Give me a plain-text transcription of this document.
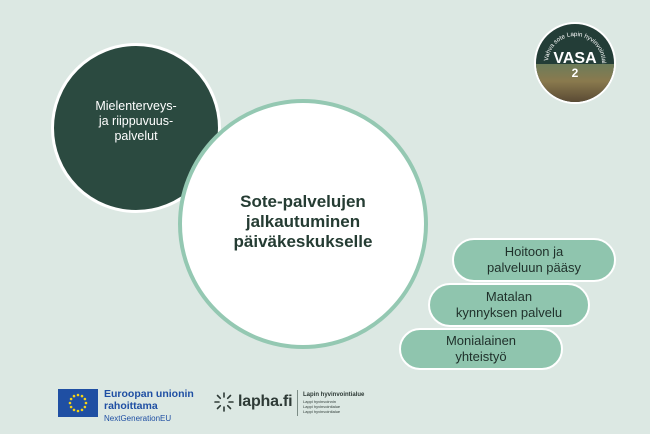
Mielenterveys-
ja riippuvuus-
palvelut
Sote-palvelujen
jalkautuminen
päiväkeskukselle
Hoitoon ja
palveluun pääsy
Matalan
kynnyksen palvelu
Monialainen
yhteistyö
Vahva sote Lapin hyvinvointial
VASA
2
Euroopan unionin
rahoittama
NextGenerationEU
lapha.fi Lapin hyvinvointialue
Lappi hyvinvoinnin
Lappi hyvinvointialue
Lappi hyvinvointialue
